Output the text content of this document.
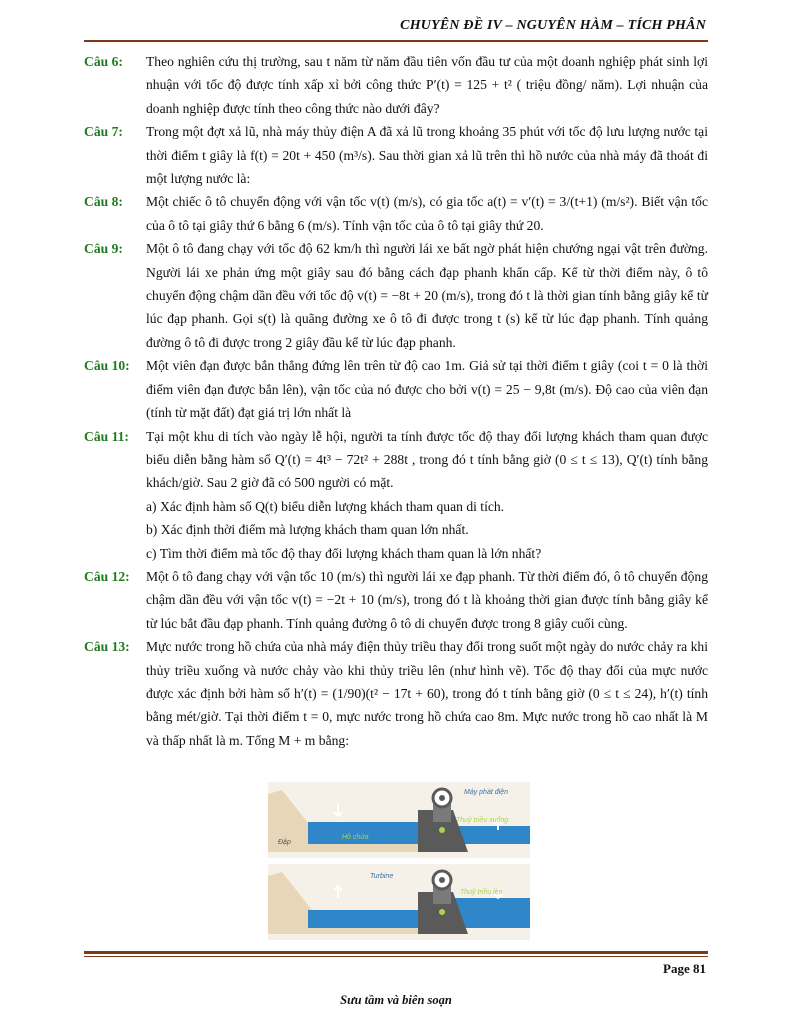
CHUYÊN ĐỀ IV – NGUYÊN HÀM – TÍCH PHÂN
Câu 6:	Theo nghiên cứu thị trường, sau t năm từ năm đầu tiên vốn đầu tư của một doanh nghiệp phát sinh lợi nhuận với tốc độ được tính xấp xỉ bởi công thức P′(t) = 125 + t² ( triệu đồng/ năm). Lợi nhuận của doanh nghiệp được tính theo công thức nào dưới đây?

Câu 7:	Trong một đợt xả lũ, nhà máy thủy điện A đã xả lũ trong khoảng 35 phút với tốc độ lưu lượng nước tại thời điểm t giây là f(t) = 20t + 450 (m³/s). Sau thời gian xả lũ trên thì hồ nước của nhà máy đã thoát đi một lượng nước là:

Câu 8:	Một chiếc ô tô chuyển động với vận tốc v(t) (m/s), có gia tốc a(t) = v′(t) = 3/(t+1) (m/s²). Biết vận tốc của ô tô tại giây thứ 6 bằng 6 (m/s). Tính vận tốc của ô tô tại giây thứ 20.

Câu 9:	Một ô tô đang chạy với tốc độ 62 km/h thì người lái xe bất ngờ phát hiện chướng ngại vật trên đường. Người lái xe phản ứng một giây sau đó bằng cách đạp phanh khẩn cấp. Kể từ thời điểm này, ô tô chuyển động chậm dần đều với tốc độ v(t) = −8t + 20 (m/s), trong đó t là thời gian tính bằng giây kể từ lúc đạp phanh. Gọi s(t) là quãng đường xe ô tô đi được trong t (s) kể từ lúc đạp phanh. Tính quảng đường ô tô đi được trong 2 giây đầu kể từ lúc đạp phanh.

Câu 10:	Một viên đạn được bắn thẳng đứng lên trên từ độ cao 1m. Giả sử tại thời điểm t giây (coi t = 0 là thời điểm viên đạn được bắn lên), vận tốc của nó được cho bởi v(t) = 25 − 9,8t (m/s). Độ cao của viên đạn (tính từ mặt đất) đạt giá trị lớn nhất là

Câu 11:	Tại một khu di tích vào ngày lễ hội, người ta tính được tốc độ thay đổi lượng khách tham quan được biểu diễn bằng hàm số Q′(t) = 4t³ − 72t² + 288t , trong đó t tính bằng giờ (0 ≤ t ≤ 13), Q′(t) tính bằng khách/giờ. Sau 2 giờ đã có 500 người có mặt.

a) Xác định hàm số Q(t) biểu diễn lượng khách tham quan di tích.

b) Xác định thời điểm mà lượng khách tham quan lớn nhất.

c) Tìm thời điểm mà tốc độ thay đổi lượng khách tham quan là lớn nhất?

Câu 12:	Một ô tô đang chạy với vận tốc 10 (m/s) thì người lái xe đạp phanh. Từ thời điểm đó, ô tô chuyển động chậm dần đều với vận tốc v(t) = −2t + 10 (m/s), trong đó t là khoảng thời gian được tính bằng giây kể từ lúc bắt đầu đạp phanh. Tính quảng đường ô tô di chuyển được trong 8 giây cuối cùng.

Câu 13:	Mực nước trong hồ chứa của nhà máy điện thủy triều thay đổi trong suốt một ngày do nước chảy ra khi thủy triều xuống và nước chảy vào khi thủy triều lên (như hình vẽ). Tốc độ thay đổi của mực nước được xác định bởi hàm số h′(t) = (1/90)(t² − 17t + 60), trong đó t tính bằng giờ (0 ≤ t ≤ 24), h′(t) tính bằng mét/giờ. Tại thời điểm t = 0, mực nước trong hồ chứa cao 8m. Mực nước trong hồ cao nhất là M và thấp nhất là m. Tổng M + m bằng:

Máy phát điện
Thuỷ triều xuống
Hồ chứa
Đập
Turbine
Thuỷ triều lên
Page 81
Sưu tầm và biên soạn
